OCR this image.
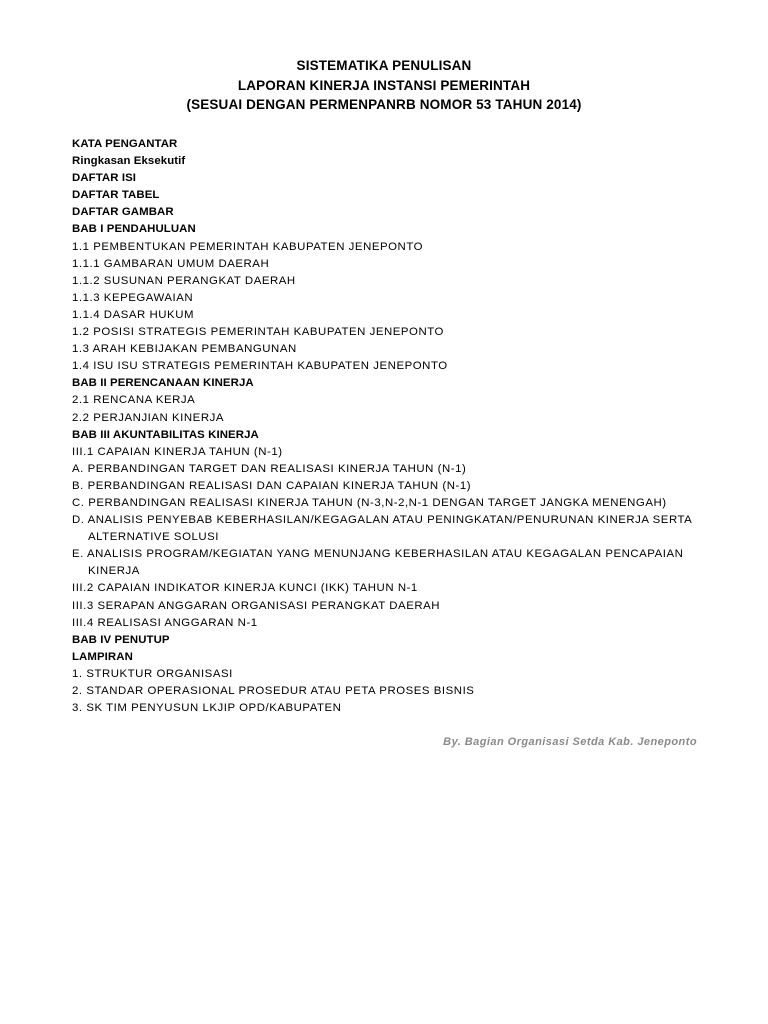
SISTEMATIKA PENULISAN
LAPORAN KINERJA INSTANSI PEMERINTAH
(SESUAI DENGAN PERMENPANRB NOMOR 53 TAHUN 2014)
KATA PENGANTAR
Ringkasan Eksekutif
DAFTAR ISI
DAFTAR TABEL
DAFTAR GAMBAR
BAB I PENDAHULUAN
1.1 PEMBENTUKAN PEMERINTAH KABUPATEN JENEPONTO
1.1.1 GAMBARAN UMUM DAERAH
1.1.2 SUSUNAN PERANGKAT DAERAH
1.1.3 KEPEGAWAIAN
1.1.4 DASAR HUKUM
1.2 POSISI STRATEGIS PEMERINTAH KABUPATEN JENEPONTO
1.3 ARAH KEBIJAKAN PEMBANGUNAN
1.4 ISU ISU STRATEGIS PEMERINTAH KABUPATEN JENEPONTO
BAB II PERENCANAAN KINERJA
2.1 RENCANA KERJA
2.2 PERJANJIAN KINERJA
BAB III AKUNTABILITAS KINERJA
III.1 CAPAIAN KINERJA TAHUN (N-1)
A. PERBANDINGAN TARGET DAN REALISASI KINERJA TAHUN (N-1)
B. PERBANDINGAN REALISASI DAN CAPAIAN KINERJA TAHUN (N-1)
C. PERBANDINGAN REALISASI KINERJA TAHUN (N-3,N-2,N-1 DENGAN TARGET JANGKA MENENGAH)
D. ANALISIS PENYEBAB KEBERHASILAN/KEGAGALAN ATAU PENINGKATAN/PENURUNAN KINERJA SERTA
ALTERNATIVE SOLUSI
E. ANALISIS PROGRAM/KEGIATAN YANG MENUNJANG KEBERHASILAN ATAU KEGAGALAN PENCAPAIAN
KINERJA
III.2 CAPAIAN INDIKATOR KINERJA KUNCI (IKK) TAHUN N-1
III.3 SERAPAN ANGGARAN ORGANISASI PERANGKAT DAERAH
III.4 REALISASI ANGGARAN N-1
BAB IV PENUTUP
LAMPIRAN
1. STRUKTUR ORGANISASI
2. STANDAR OPERASIONAL PROSEDUR ATAU PETA PROSES BISNIS
3. SK TIM PENYUSUN LKJIP OPD/KABUPATEN
By. Bagian Organisasi Setda Kab. Jeneponto
